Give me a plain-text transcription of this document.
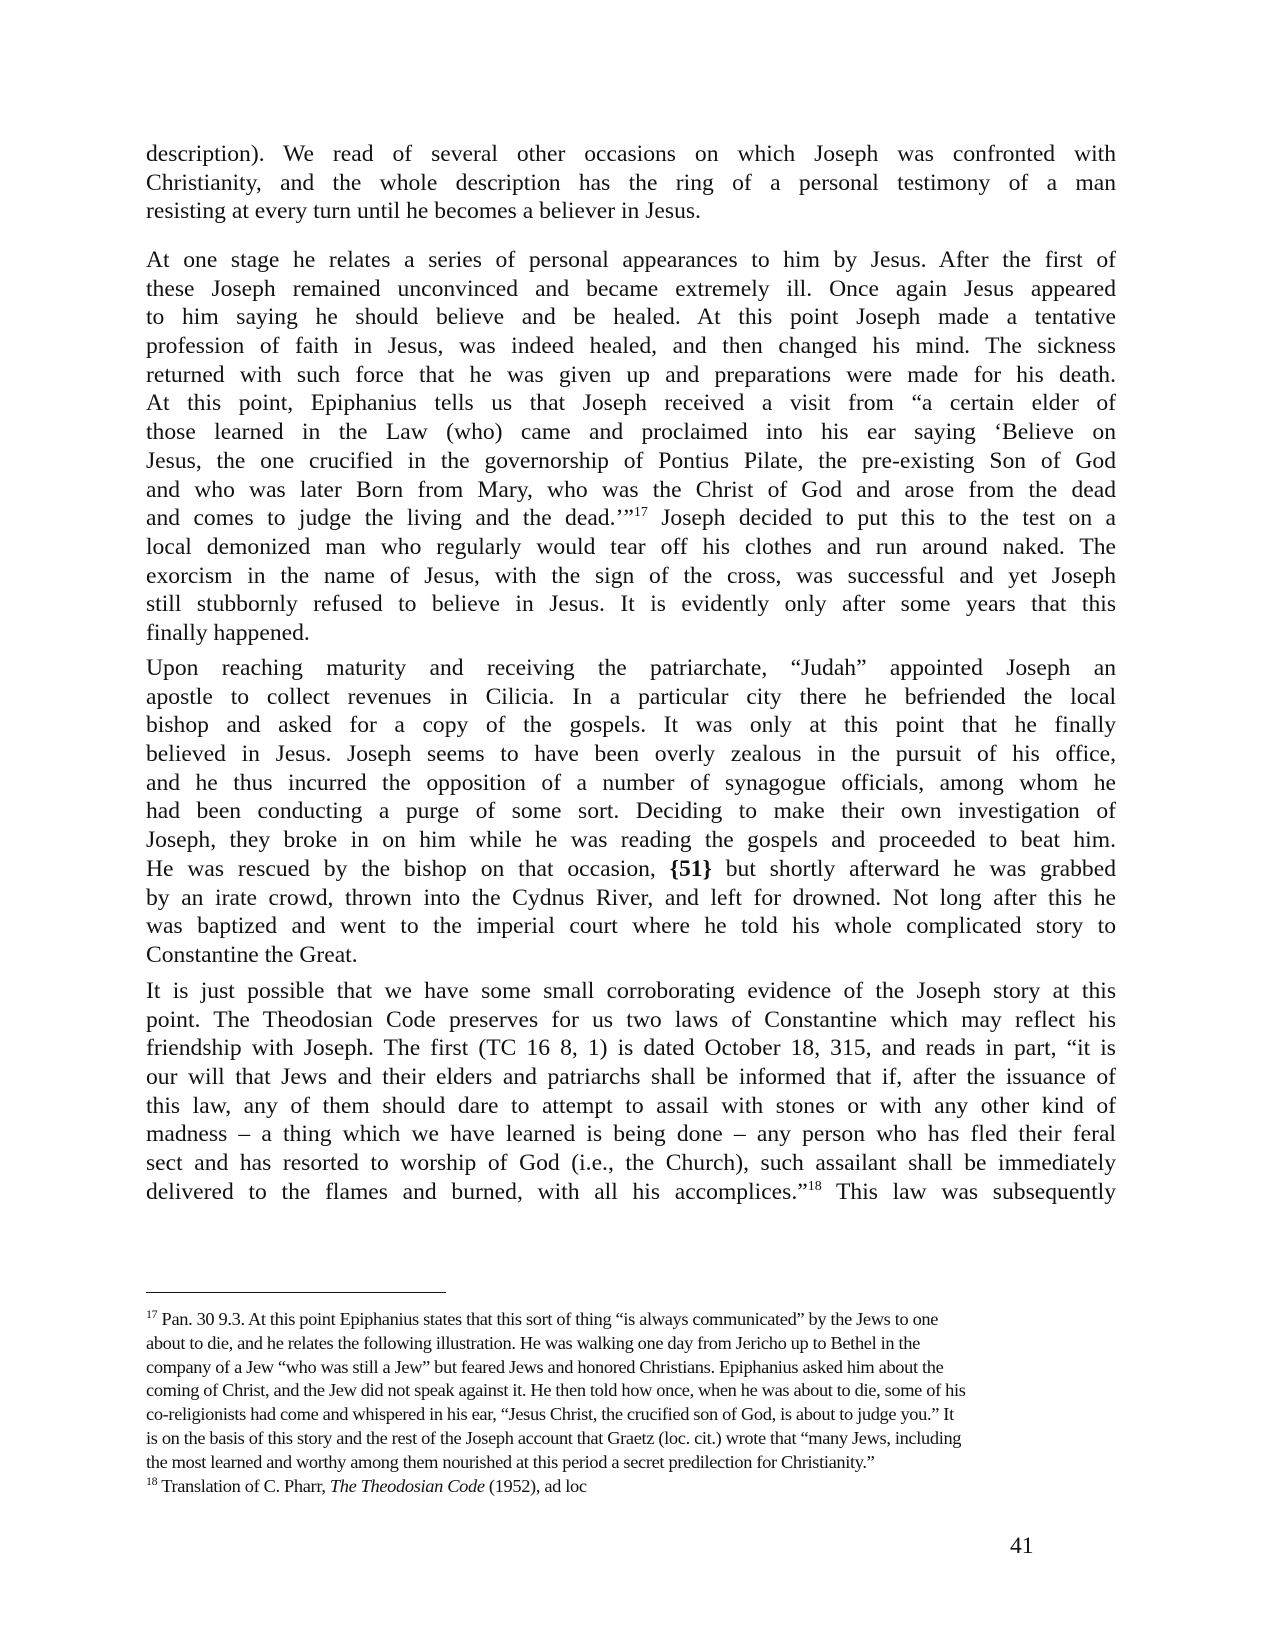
description). We read of several other occasions on which Joseph was confronted with
Christianity, and the whole description has the ring of a personal testimony of a man
resisting at every turn until he becomes a believer in Jesus.

At one stage he relates a series of personal appearances to him by Jesus. After the first of
these Joseph remained unconvinced and became extremely ill. Once again Jesus appeared
to him saying he should believe and be healed. At this point Joseph made a tentative
profession of faith in Jesus, was indeed healed, and then changed his mind. The sickness
returned with such force that he was given up and preparations were made for his death.
At this point, Epiphanius tells us that Joseph received a visit from “a certain elder of
those learned in the Law (who) came and proclaimed into his ear saying ‘Believe on
Jesus, the one crucified in the governorship of Pontius Pilate, the pre-existing Son of God
and who was later Born from Mary, who was the Christ of God and arose from the dead
and comes to judge the living and the dead.’”$^{17}$ Joseph decided to put this to the test on a
local demonized man who regularly would tear off his clothes and run around naked. The
exorcism in the name of Jesus, with the sign of the cross, was successful and yet Joseph
still stubbornly refused to believe in Jesus. It is evidently only after some years that this
finally happened.

Upon reaching maturity and receiving the patriarchate, “Judah” appointed Joseph an
apostle to collect revenues in Cilicia. In a particular city there he befriended the local
bishop and asked for a copy of the gospels. It was only at this point that he finally
believed in Jesus. Joseph seems to have been overly zealous in the pursuit of his office,
and he thus incurred the opposition of a number of synagogue officials, among whom he
had been conducting a purge of some sort. Deciding to make their own investigation of
Joseph, they broke in on him while he was reading the gospels and proceeded to beat him.
He was rescued by the bishop on that occasion, {51} but shortly afterward he was grabbed
by an irate crowd, thrown into the Cydnus River, and left for drowned. Not long after this he
was baptized and went to the imperial court where he told his whole complicated story to
Constantine the Great.

It is just possible that we have some small corroborating evidence of the Joseph story at this
point. The Theodosian Code preserves for us two laws of Constantine which may reflect his
friendship with Joseph. The first (TC 16 8, 1) is dated October 18, 315, and reads in part, “it is
our will that Jews and their elders and patriarchs shall be informed that if, after the issuance of
this law, any of them should dare to attempt to assail with stones or with any other kind of
madness – a thing which we have learned is being done – any person who has fled their feral
sect and has resorted to worship of God (i.e., the Church), such assailant shall be immediately
delivered to the flames and burned, with all his accomplices.”$^{18}$ This law was subsequently

$^{17}$ Pan. 30 9.3. At this point Epiphanius states that this sort of thing “is always communicated” by the Jews to one
about to die, and he relates the following illustration. He was walking one day from Jericho up to Bethel in the
company of a Jew “who was still a Jew” but feared Jews and honored Christians. Epiphanius asked him about the
coming of Christ, and the Jew did not speak against it. He then told how once, when he was about to die, some of his
co-religionists had come and whispered in his ear, “Jesus Christ, the crucified son of God, is about to judge you.” It
is on the basis of this story and the rest of the Joseph account that Graetz (loc. cit.) wrote that “many Jews, including
the most learned and worthy among them nourished at this period a secret predilection for Christianity.”
$^{18}$ Translation of C. Pharr, The Theodosian Code (1952), ad loc
41
